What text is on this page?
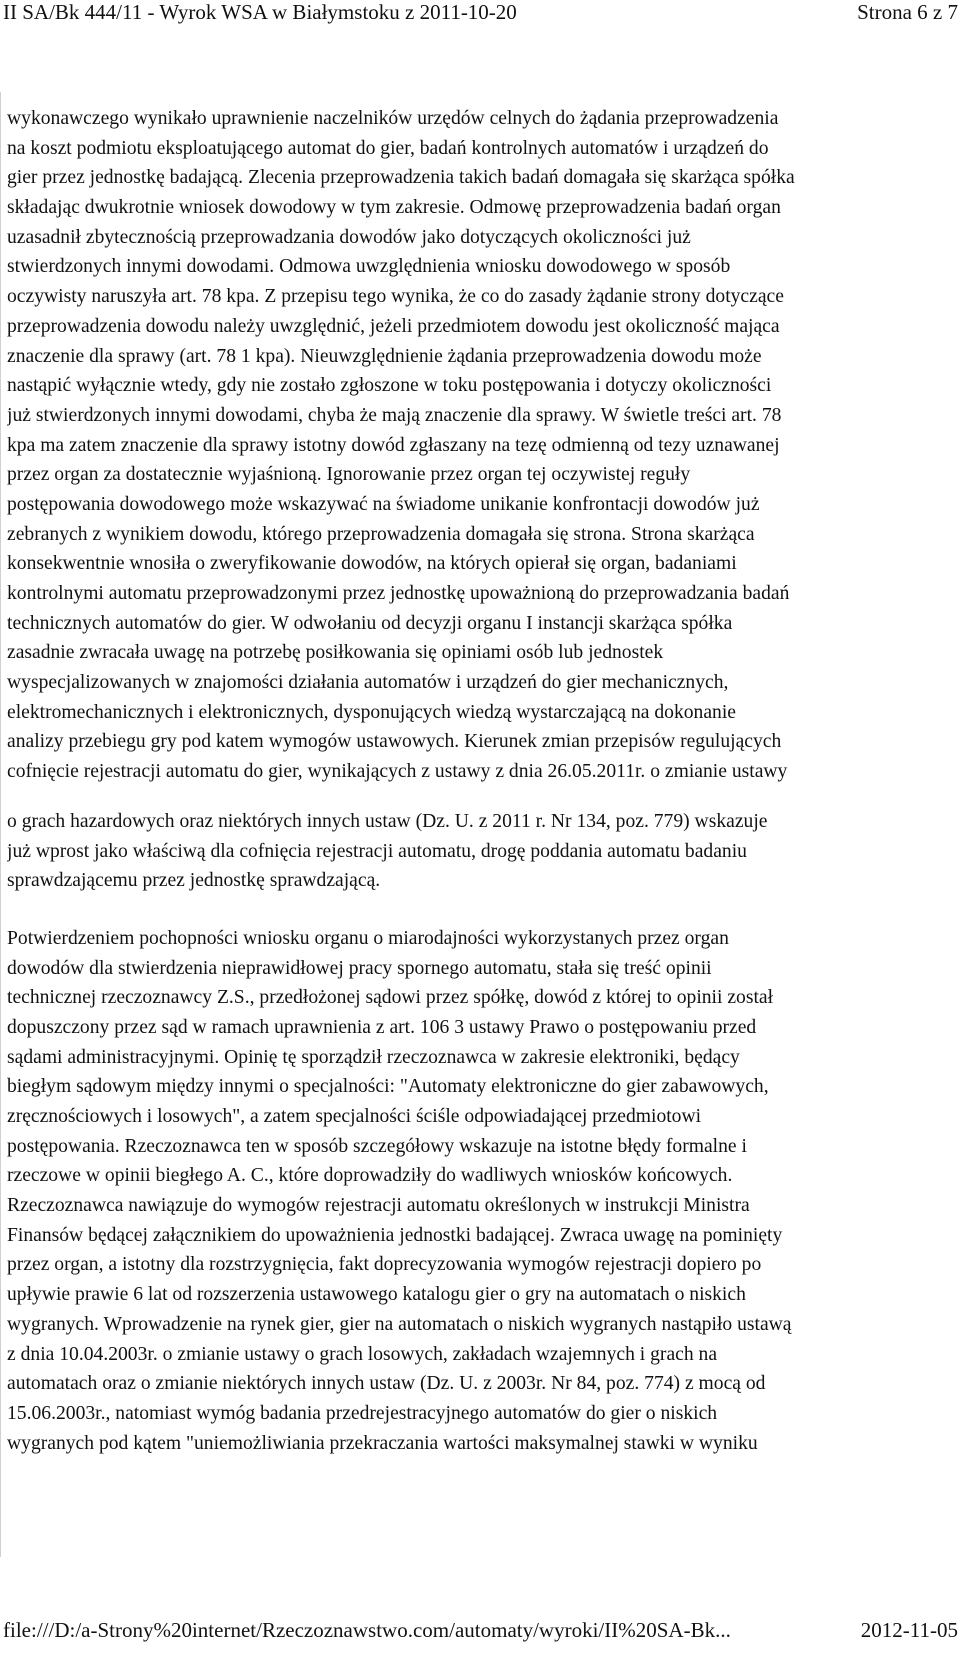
II SA/Bk 444/11 - Wyrok WSA w Białymstoku z 2011-10-20	Strona 6 z 7
wykonawczego wynikało uprawnienie naczelników urzędów celnych do żądania przeprowadzenia
na koszt podmiotu eksploatującego automat do gier, badań kontrolnych automatów i urządzeń do
gier przez jednostkę badającą. Zlecenia przeprowadzenia takich badań domagała się skarżąca spółka
składając dwukrotnie wniosek dowodowy w tym zakresie. Odmowę przeprowadzenia badań organ
uzasadnił zbytecznością przeprowadzania dowodów jako dotyczących okoliczności już
stwierdzonych innymi dowodami. Odmowa uwzględnienia wniosku dowodowego w sposób
oczywisty naruszyła art. 78 kpa. Z przepisu tego wynika, że co do zasady żądanie strony dotyczące
przeprowadzenia dowodu należy uwzględnić, jeżeli przedmiotem dowodu jest okoliczność mająca
znaczenie dla sprawy (art. 78 1 kpa). Nieuwzględnienie żądania przeprowadzenia dowodu może
nastąpić wyłącznie wtedy, gdy nie zostało zgłoszone w toku postępowania i dotyczy okoliczności
już stwierdzonych innymi dowodami, chyba że mają znaczenie dla sprawy. W świetle treści art. 78
kpa ma zatem znaczenie dla sprawy istotny dowód zgłaszany na tezę odmienną od tezy uznawanej
przez organ za dostatecznie wyjaśnioną. Ignorowanie przez organ tej oczywistej reguły
postępowania dowodowego może wskazywać na świadome unikanie konfrontacji dowodów już
zebranych z wynikiem dowodu, którego przeprowadzenia domagała się strona. Strona skarżąca
konsekwentnie wnosiła o zweryfikowanie dowodów, na których opierał się organ, badaniami
kontrolnymi automatu przeprowadzonymi przez jednostkę upoważnioną do przeprowadzania badań
technicznych automatów do gier. W odwołaniu od decyzji organu I instancji skarżąca spółka
zasadnie zwracała uwagę na potrzebę posiłkowania się opiniami osób lub jednostek
wyspecjalizowanych w znajomości działania automatów i urządzeń do gier mechanicznych,
elektromechanicznych i elektronicznych, dysponujących wiedzą wystarczającą na dokonanie
analizy przebiegu gry pod katem wymogów ustawowych. Kierunek zmian przepisów regulujących
cofnięcie rejestracji automatu do gier, wynikających z ustawy z dnia 26.05.2011r. o zmianie ustawy
o grach hazardowych oraz niektórych innych ustaw (Dz. U. z 2011 r. Nr 134, poz. 779) wskazuje
już wprost jako właściwą dla cofnięcia rejestracji automatu, drogę poddania automatu badaniu
sprawdzającemu przez jednostkę sprawdzającą.
Potwierdzeniem pochopności wniosku organu o miarodajności wykorzystanych przez organ
dowodów dla stwierdzenia nieprawidłowej pracy spornego automatu, stała się treść opinii
technicznej rzeczoznawcy Z.S., przedłożonej sądowi przez spółkę, dowód z której to opinii został
dopuszczony przez sąd w ramach uprawnienia z art. 106 3 ustawy Prawo o postępowaniu przed
sądami administracyjnymi. Opinię tę sporządził rzeczoznawca w zakresie elektroniki, będący
biegłym sądowym między innymi o specjalności: "Automaty elektroniczne do gier zabawowych,
zręcznościowych i losowych", a zatem specjalności ściśle odpowiadającej przedmiotowi
postępowania. Rzeczoznawca ten w sposób szczegółowy wskazuje na istotne błędy formalne i
rzeczowe w opinii biegłego A. C., które doprowadziły do wadliwych wniosków końcowych.
Rzeczoznawca nawiązuje do wymogów rejestracji automatu określonych w instrukcji Ministra
Finansów będącej załącznikiem do upoważnienia jednostki badającej. Zwraca uwagę na pominięty
przez organ, a istotny dla rozstrzygnięcia, fakt doprecyzowania wymogów rejestracji dopiero po
upływie prawie 6 lat od rozszerzenia ustawowego katalogu gier o gry na automatach o niskich
wygranych. Wprowadzenie na rynek gier, gier na automatach o niskich wygranych nastąpiło ustawą
z dnia 10.04.2003r. o zmianie ustawy o grach losowych, zakładach wzajemnych i grach na
automatach oraz o zmianie niektórych innych ustaw (Dz. U. z 2003r. Nr 84, poz. 774) z mocą od
15.06.2003r., natomiast wymóg badania przedrejestracyjnego automatów do gier o niskich
wygranych pod kątem "uniemożliwiania przekraczania wartości maksymalnej stawki w wyniku
file:///D:/a-Strony%20internet/Rzeczoznawstwo.com/automaty/wyroki/II%20SA-Bk...	2012-11-05
